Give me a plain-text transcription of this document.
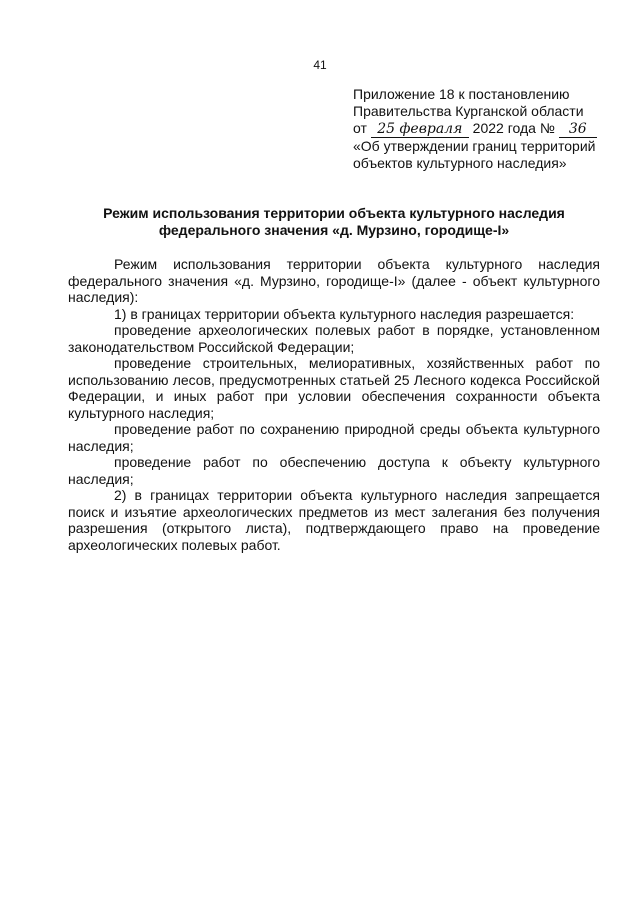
41
Приложение 18 к постановлению
Правительства Курганской области
от 25 февраля 2022 года № 36
«Об утверждении границ территорий
объектов культурного наследия»
Режим использования территории объекта культурного наследия
федерального значения «д. Мурзино, городище-I»

Режим использования территории объекта культурного наследия федерального значения «д. Мурзино, городище-I» (далее - объект культурного наследия):

1) в границах территории объекта культурного наследия разрешается:

проведение археологических полевых работ в порядке, установленном законодательством Российской Федерации;

проведение строительных, мелиоративных, хозяйственных работ по использованию лесов, предусмотренных статьей 25 Лесного кодекса Российской Федерации, и иных работ при условии обеспечения сохранности объекта культурного наследия;

проведение работ по сохранению природной среды объекта культурного наследия;

проведение работ по обеспечению доступа к объекту культурного наследия;

2) в границах территории объекта культурного наследия запрещается поиск и изъятие археологических предметов из мест залегания без получения разрешения (открытого листа), подтверждающего право на проведение археологических полевых работ.
